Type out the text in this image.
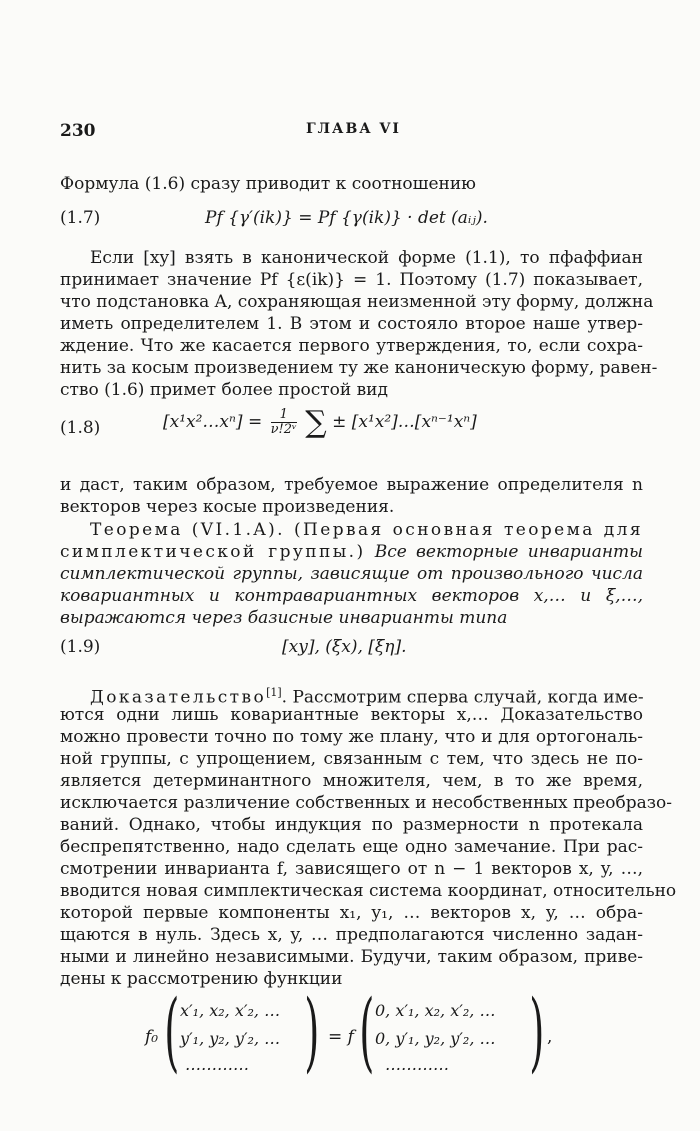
230	ГЛАВА VI
Формула (1.6) сразу приводит к соотношению
(1.7)	Pf {γ′(ik)} = Pf {γ(ik)} · det (aᵢⱼ).
Если [xy] взять в канонической форме (1.1), то пфаффиан
принимает значение Pf {ε(ik)} = 1. Поэтому (1.7) показывает,
что подстановка A, сохраняющая неизменной эту форму, должна
иметь определителем 1. В этом и состояло второе наше утвер-
ждение. Что же касается первого утверждения, то, если сохра-
нить за косым произведением ту же каноническую форму, равен-
ство (1.6) примет более простой вид
(1.8)	[x¹x²…xⁿ] = $\frac{1}{\text{ν!2ᵛ}}$ ∑ ± [x¹x²]…[xⁿ⁻¹xⁿ]
и даст, таким образом, требуемое выражение определителя n
векторов через косые произведения.
Теорема (VI.1.A). (Первая основная теорема для
симплектической группы.) Все векторные инварианты
симплектической группы, зависящие от произвольного числа
ковариантных и контравариантных векторов x,… и ξ,…,
выражаются через базисные инварианты типа
(1.9)	[xy], (ξx), [ξη].
Доказательство[1]. Рассмотрим сперва случай, когда име-
ются одни лишь ковариантные векторы x,… Доказательство
можно провести точно по тому же плану, что и для ортогональ-
ной группы, с упрощением, связанным с тем, что здесь не по-
является детерминантного множителя, чем, в то же время,
исключается различение собственных и несобственных преобразо-
ваний. Однако, чтобы индукция по размерности n протекала
беспрепятственно, надо сделать еще одно замечание. При рас-
смотрении инварианта f, зависящего от n − 1 векторов x, y, …,
вводится новая симплектическая система координат, относительно
которой первые компоненты x₁, y₁, … векторов x, y, … обра-
щаются в нуль. Здесь x, y, … предполагаются численно задан-
ными и линейно независимыми. Будучи, таким образом, приве-
дены к рассмотрению функции
f₀ ( x′₁, x₂, x′₂, …
y′₁, y₂, y′₂, …
………… ) = f ( 0, x′₁, x₂, x′₂, …
0, y′₁, y₂, y′₂, …
………… ) ,
